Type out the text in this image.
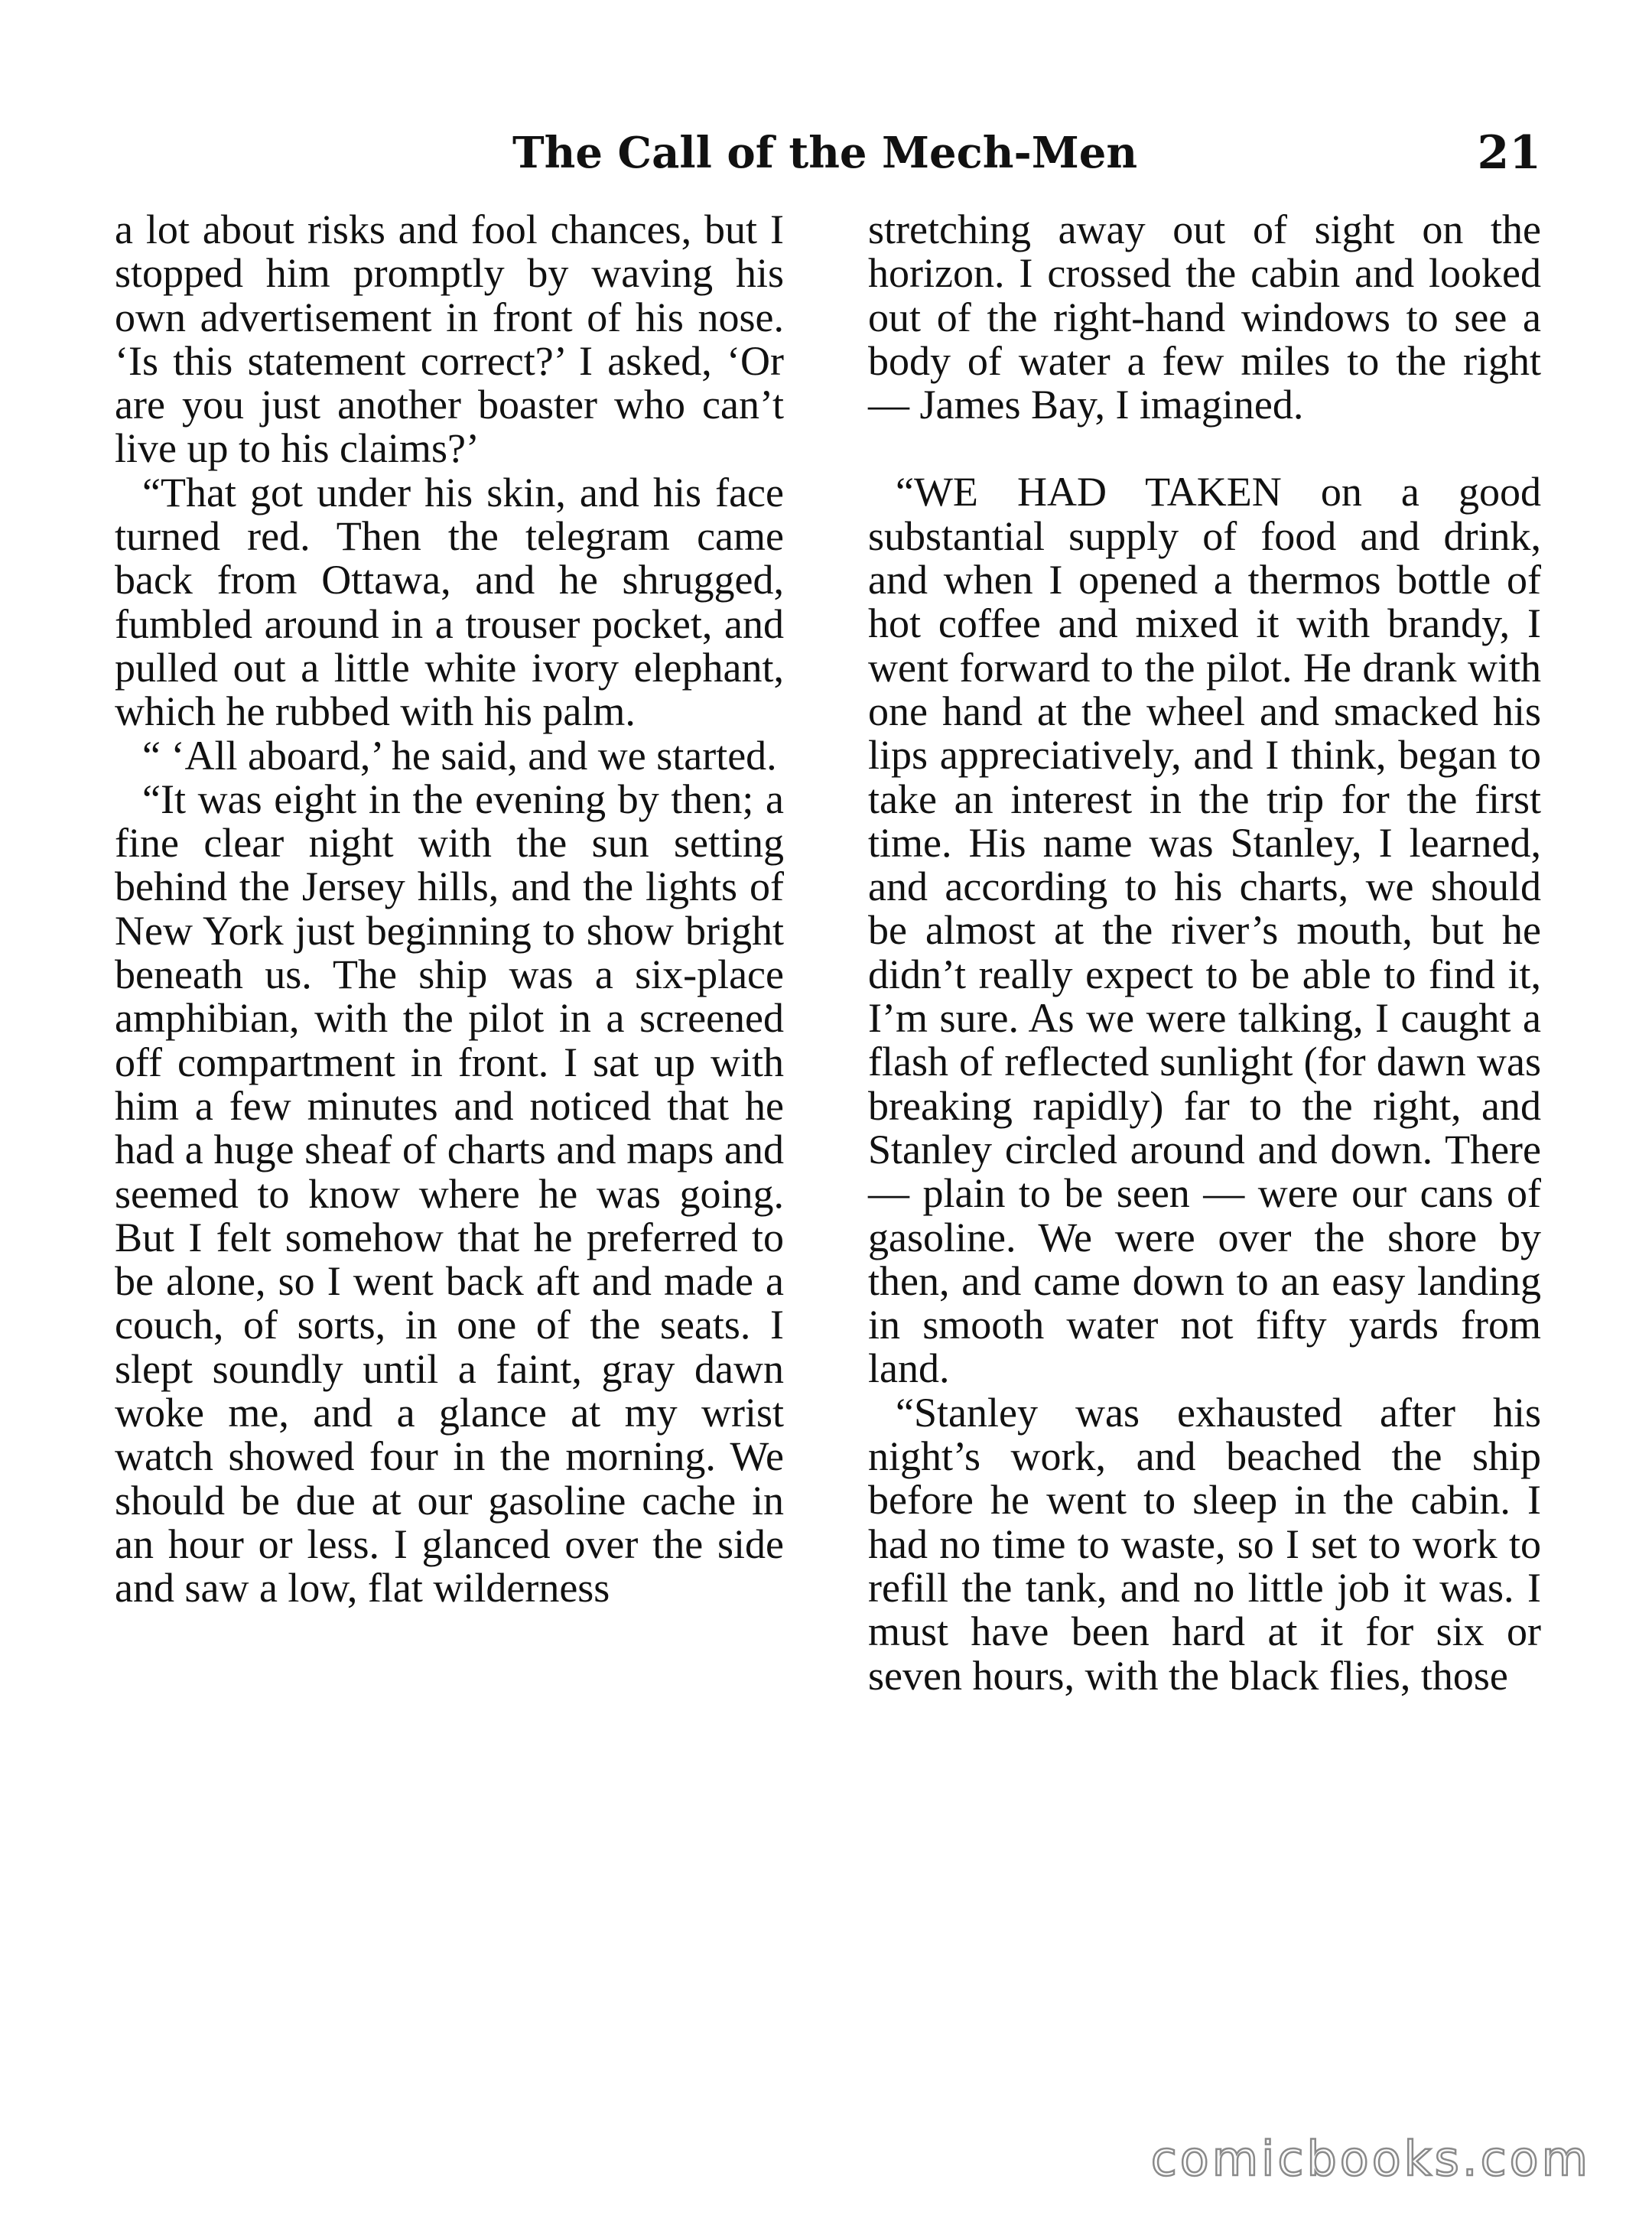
The Call of the Mech-Men	21

a lot about risks and fool chances, but I stopped him promptly by waving his own advertisement in front of his nose. ‘Is this statement correct?’ I asked, ‘Or are you just another boaster who can’t live up to his claims?’

“That got under his skin, and his face turned red. Then the telegram came back from Ottawa, and he shrugged, fumbled around in a trouser pocket, and pulled out a little white ivory elephant, which he rubbed with his palm.

“ ‘All aboard,’ he said, and we started.

“It was eight in the evening by then; a fine clear night with the sun setting behind the Jersey hills, and the lights of New York just beginning to show bright beneath us. The ship was a six-place amphibian, with the pilot in a screened off compartment in front. I sat up with him a few minutes and noticed that he had a huge sheaf of charts and maps and seemed to know where he was going. But I felt somehow that he preferred to be alone, so I went back aft and made a couch, of sorts, in one of the seats. I slept soundly until a faint, gray dawn woke me, and a glance at my wrist watch showed four in the morning. We should be due at our gasoline cache in an hour or less. I glanced over the side and saw a low, flat wilderness

stretching away out of sight on the horizon. I crossed the cabin and looked out of the right-hand windows to see a body of water a few miles to the right — James Bay, I imagined.

“WE HAD TAKEN on a good substantial supply of food and drink, and when I opened a thermos bottle of hot coffee and mixed it with brandy, I went forward to the pilot. He drank with one hand at the wheel and smacked his lips appreciatively, and I think, began to take an interest in the trip for the first time. His name was Stanley, I learned, and according to his charts, we should be almost at the river’s mouth, but he didn’t really expect to be able to find it, I’m sure. As we were talking, I caught a flash of reflected sunlight (for dawn was breaking rapidly) far to the right, and Stanley circled around and down. There — plain to be seen — were our cans of gasoline. We were over the shore by then, and came down to an easy landing in smooth water not fifty yards from land.

“Stanley was exhausted after his night’s work, and beached the ship before he went to sleep in the cabin. I had no time to waste, so I set to work to refill the tank, and no little job it was. I must have been hard at it for six or seven hours, with the black flies, those

comicbooks.com
